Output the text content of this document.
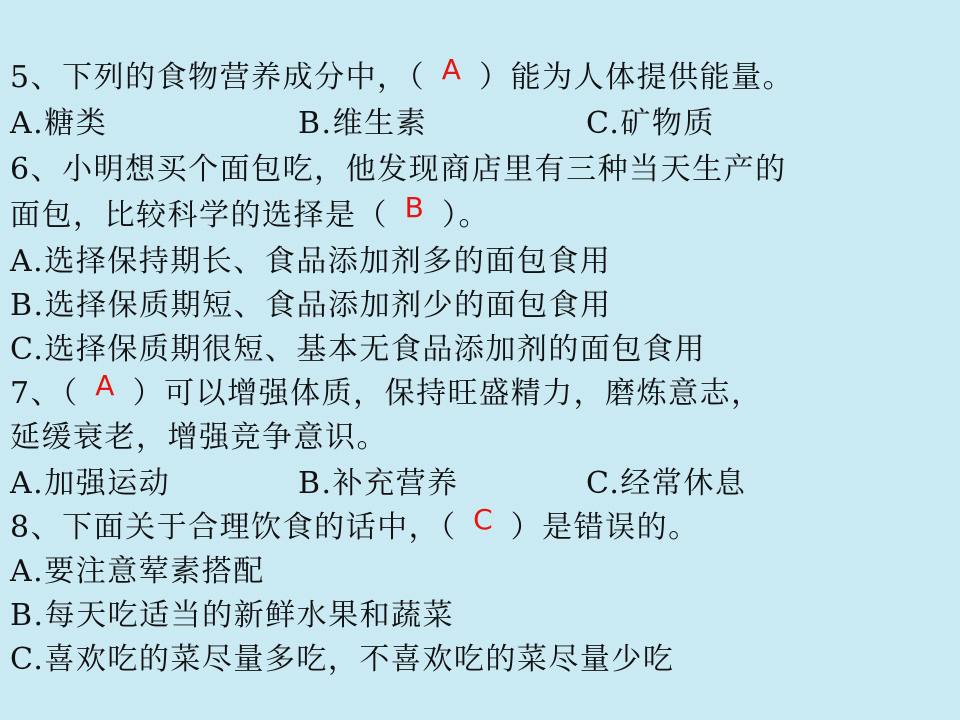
5、下列的食物营养成分中，（ A ）能为人体提供能量。
A.糖类	B.维生素	C.矿物质
6、小明想买个面包吃，他发现商店里有三种当天生产的
面包，比较科学的选择是（ B ）。
A.选择保持期长、食品添加剂多的面包食用
B.选择保质期短、食品添加剂少的面包食用
C.选择保质期很短、基本无食品添加剂的面包食用
7、（ A ）可以增强体质，保持旺盛精力，磨炼意志，
延缓衰老，增强竞争意识。
A.加强运动	B.补充营养	C.经常休息
8、下面关于合理饮食的话中，（ C ）是错误的。
A.要注意荤素搭配
B.每天吃适当的新鲜水果和蔬菜
C.喜欢吃的菜尽量多吃，不喜欢吃的菜尽量少吃
